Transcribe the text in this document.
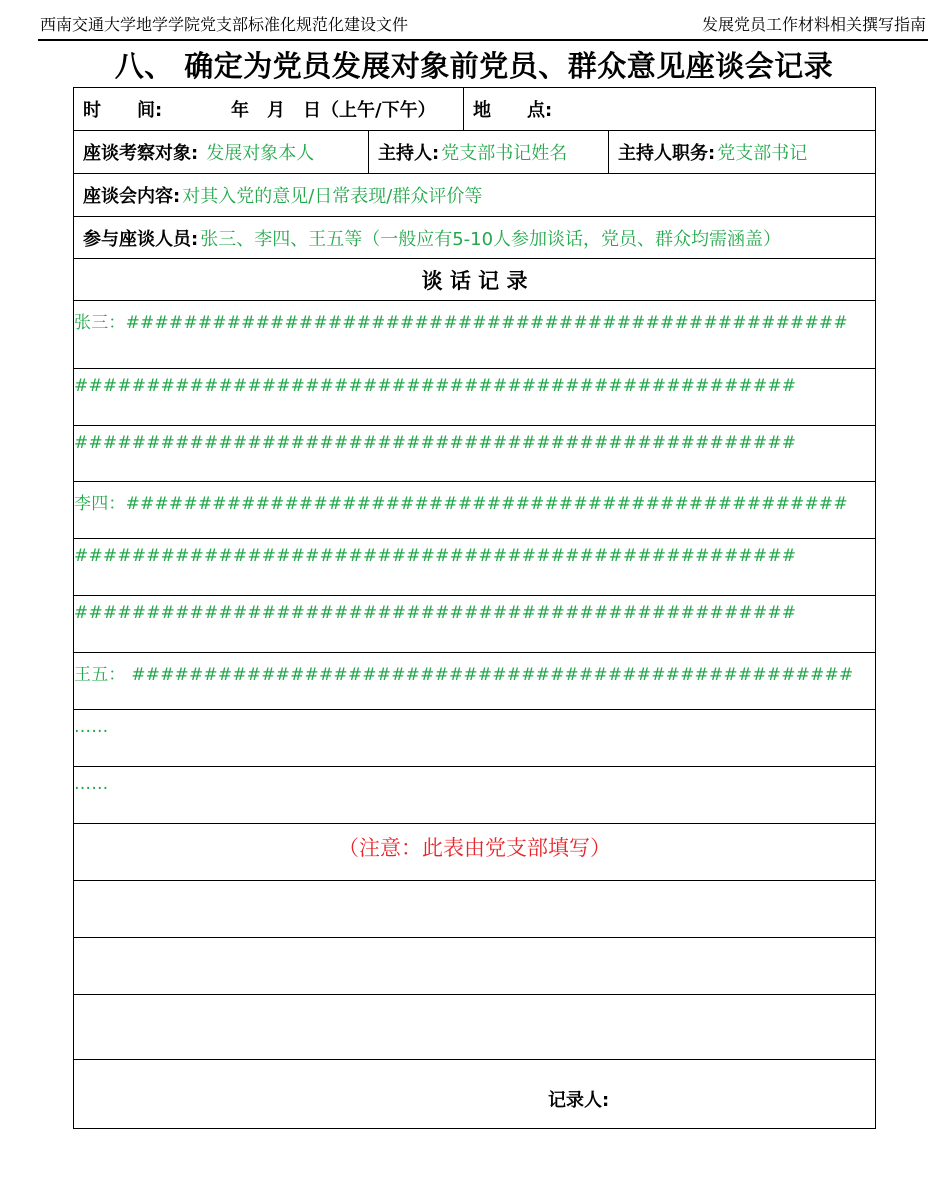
西南交通大学地学学院党支部标准化规范化建设文件	发展党员工作材料相关撰写指南
八、 确定为党员发展对象前党员、群众意见座谈会记录
时　　间:	年　月　日（上午/下午） 地　　点:
座谈考察对象: 发展对象本人	主持人: 党支部书记姓名	主持人职务: 党支部书记
座谈会内容: 对其入党的意见/日常表现/群众评价等
参与座谈人员: 张三、李四、王五等（一般应有5-10人参加谈话，党员、群众均需涵盖）
谈 话 记 录
张三：##################################################
##################################################
##################################################
李四：##################################################
##################################################
##################################################
王五： ##################################################
……
……
（注意：此表由党支部填写）
记录人:
